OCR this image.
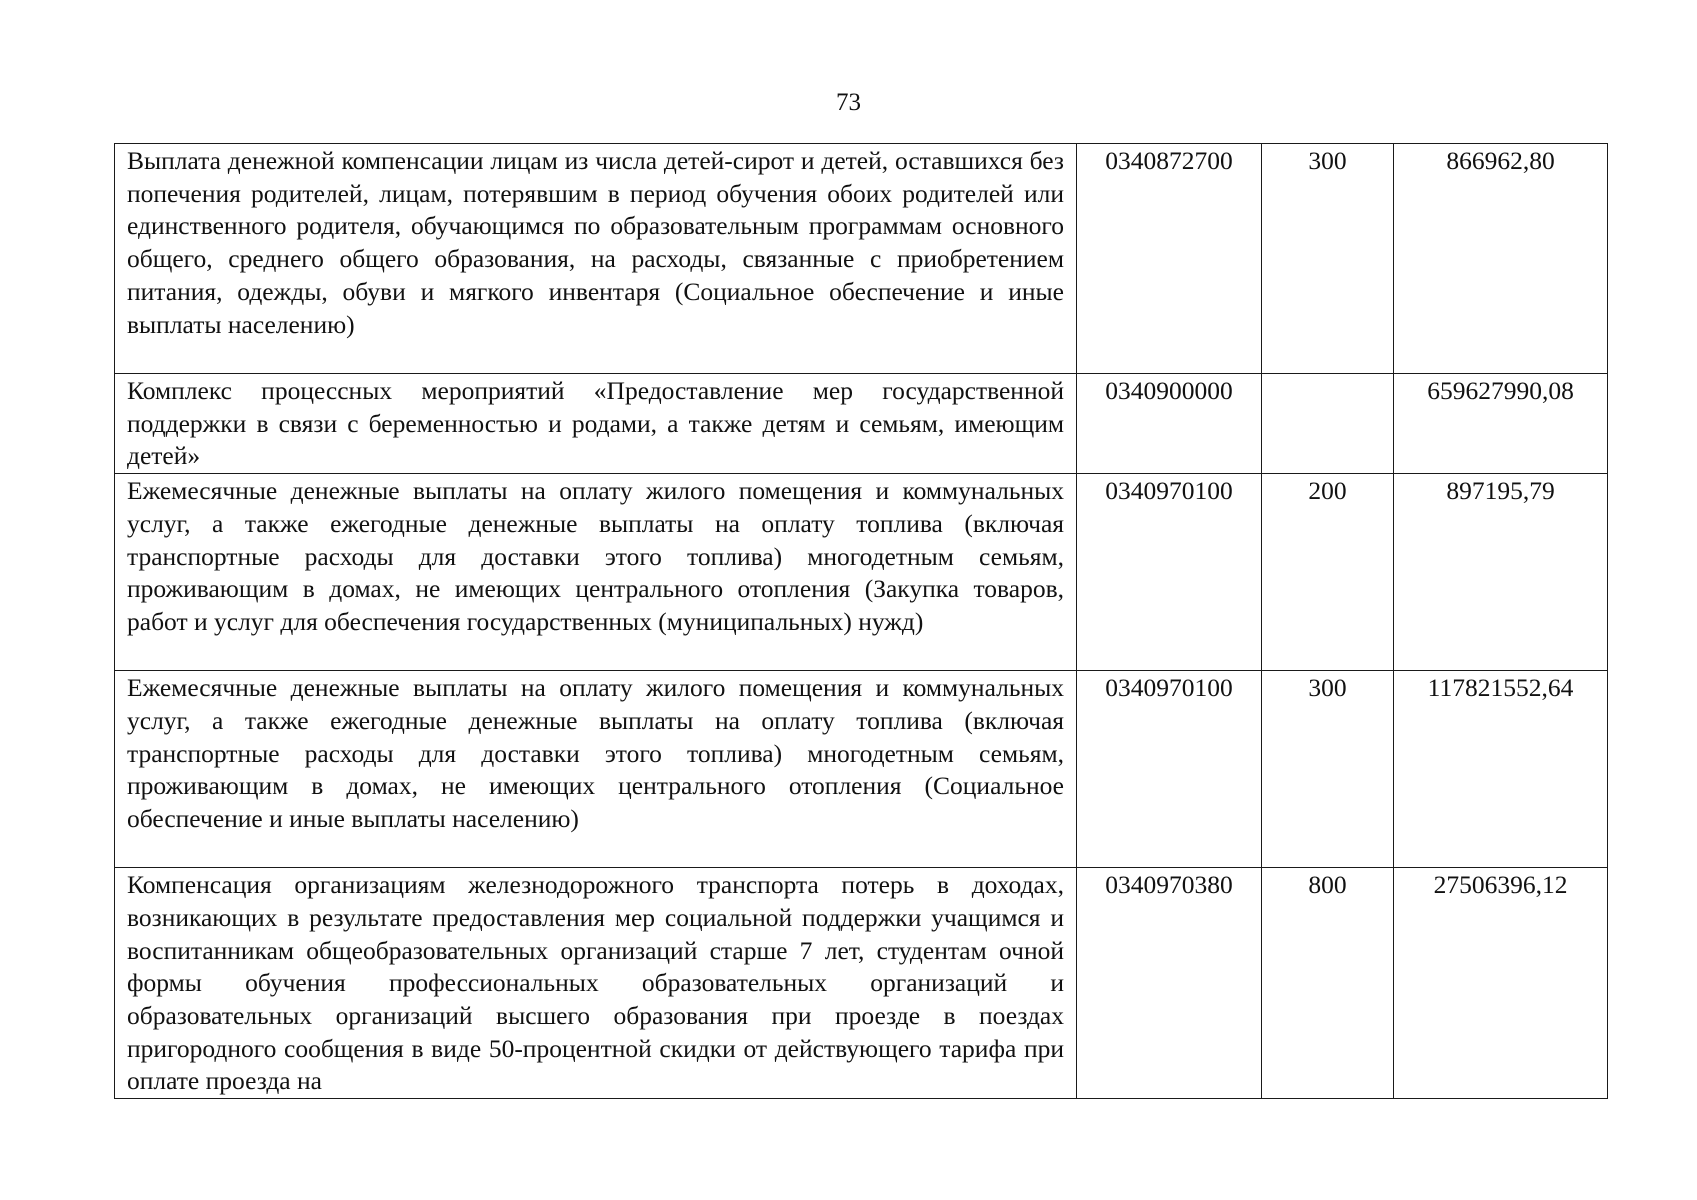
73
Выплата денежной компенсации лицам из числа детей-сирот и детей, оставшихся без попечения родителей, лицам, потерявшим в период обучения обоих родителей или единственного родителя, обучающимся по образовательным программам основного общего, среднего общего образования, на расходы, связанные с приобретением питания, одежды, обуви и мягкого инвентаря (Социальное обеспечение и иные выплаты населению)	0340872700	300	866962,80
Комплекс процессных мероприятий «Предоставление мер государственной поддержки в связи с беременностью и родами, а также детям и семьям, имеющим детей»	0340900000		659627990,08
Ежемесячные денежные выплаты на оплату жилого помещения и коммунальных услуг, а также ежегодные денежные выплаты на оплату топлива (включая транспортные расходы для доставки этого топлива) многодетным семьям, проживающим в домах, не имеющих центрального отопления (Закупка товаров, работ и услуг для обеспечения государственных (муниципальных) нужд)	0340970100	200	897195,79
Ежемесячные денежные выплаты на оплату жилого помещения и коммунальных услуг, а также ежегодные денежные выплаты на оплату топлива (включая транспортные расходы для доставки этого топлива) многодетным семьям, проживающим в домах, не имеющих центрального отопления (Социальное обеспечение и иные выплаты населению)	0340970100	300	117821552,64
Компенсация организациям железнодорожного транспорта потерь в доходах, возникающих в результате предоставления мер социальной поддержки учащимся и воспитанникам общеобразовательных организаций старше 7 лет, студентам очной формы обучения профессиональных образовательных организаций и образовательных организаций высшего образования при проезде в поездах пригородного сообщения в виде 50-процентной скидки от действующего тарифа при оплате проезда на	0340970380	800	27506396,12
